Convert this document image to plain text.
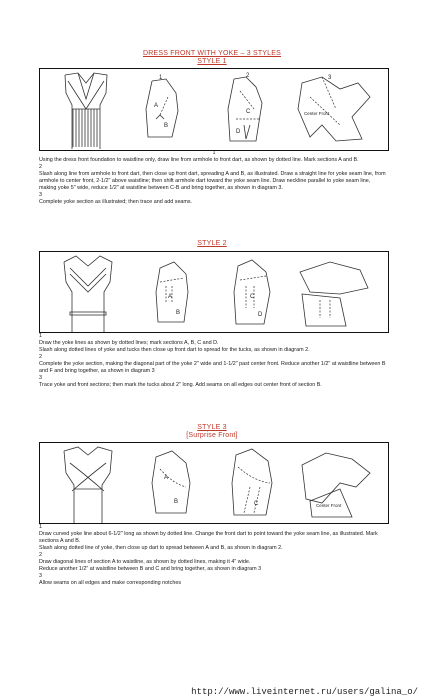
DRESS FRONT WITH YOKE – 3 STYLES
STYLE 1
1	2	3
A
B
C
D
Center Front
1
Using the dress front foundation to waistline only, draw line from armhole to front dart, as shown by dotted line. Mark sections A and B.
2
Slash along line from armhole to front dart, then close up front dart, spreading A and B, as illustrated. Draw a straight line for yoke seam line, from armhole to center front, 2-1/2" above waistline; then shift armhole dart toward the yoke seam line. Draw neckline parallel to yoke seam line, making yoke 5" wide, reduce 1/2" at waistline between C-B and bring together, as shown in diagram 3.
3
Complete yoke section as illustrated; then trace and add seams.
STYLE 2
A
B
C
D
1
Draw the yoke lines as shown by dotted lines; mark sections A, B, C and D.
Slash along dotted lines of yoke and tucks then close up front dart to spread for the tucks, as shown in diagram 2.
2
Complete the yoke section, making the diagonal part of the yoke 2" wide and 1-1/2" past center front. Reduce another 1/2" at waistline between B and F and bring together, as shown in diagram 3
3
Trace yoke and front sections; then mark the tucks about 2" long. Add seams on all edges out center front of section B.
STYLE 3
[Surprise Front]
A
B	C	Center Front
1
Draw curved yoke line about 6-1/2" long as shown by dotted line. Change the front dart to point toward the yoke seam line, as illustrated. Mark sections A and B.
Slash along dotted line of yoke, then close up dart to spread between A and B, as shown in diagram 2.
2
Draw diagonal lines of section A to waistline, as shown by dotted lines, making it 4" wide.
Reduce another 1/2" at waistline between B and C and bring together, as shown in diagram 3
3
Allow seams on all edges and make corresponding notches
http://www.liveinternet.ru/users/galina_o/
